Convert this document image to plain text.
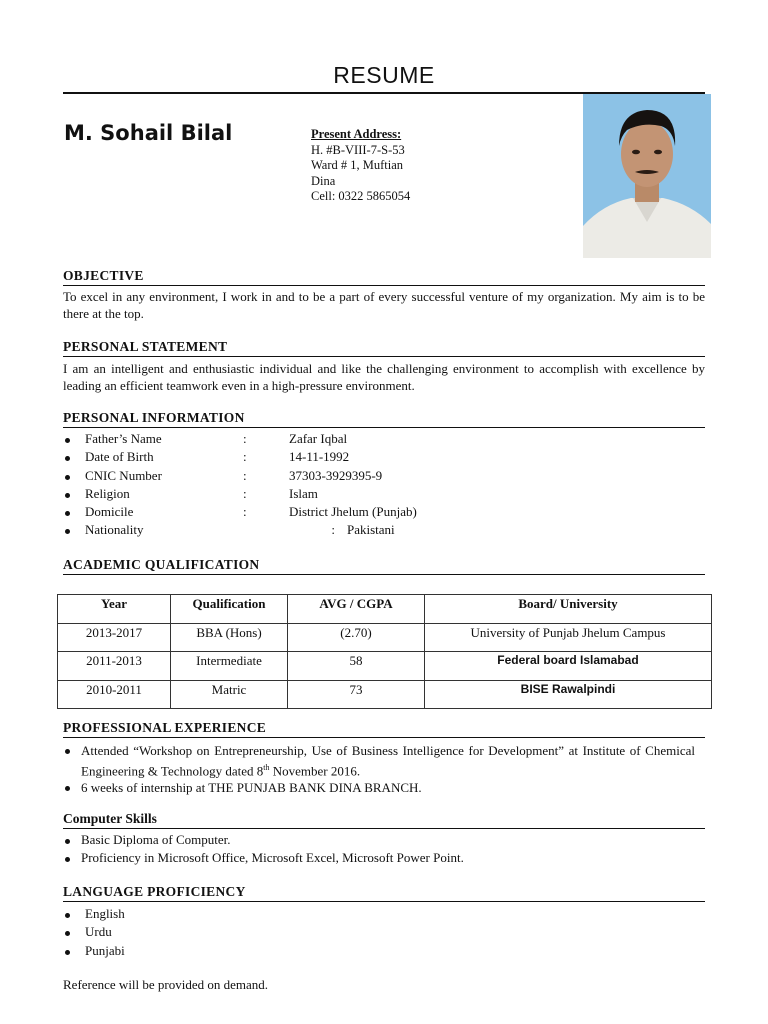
RESUME
M. Sohail Bilal	Present Address:
H. #B-VIII-7-S-53
Ward # 1, Muftian
Dina
Cell: 0322 5865054
OBJECTIVE
To excel in any environment, I work in and to be a part of every successful venture of my organization. My aim is to be there at the top.
PERSONAL STATEMENT
I am an intelligent and enthusiastic individual and like the challenging environment to accomplish with excellence by leading an efficient teamwork even in a high-pressure environment.
PERSONAL INFORMATION
Father’s Name	:	Zafar Iqbal
Date of Birth	:	14-11-1992
CNIC Number	:	37303-3929395-9
Religion	:	Islam
Domicile	:	District Jhelum (Punjab)
Nationality	: Pakistani
ACADEMIC QUALIFICATION
Year	Qualification	AVG / CGPA	Board/ University
2013-2017	BBA (Hons)	(2.70)	University of Punjab Jhelum Campus
2011-2013	Intermediate	58	Federal board Islamabad
2010-2011	Matric	73	BISE Rawalpindi
PROFESSIONAL EXPERIENCE
Attended “Workshop on Entrepreneurship, Use of Business Intelligence for Development” at Institute of Chemical Engineering & Technology dated 8th November 2016.
6 weeks of internship at THE PUNJAB BANK DINA BRANCH.
Computer Skills
Basic Diploma of Computer.
Proficiency in Microsoft Office, Microsoft Excel, Microsoft Power Point.
LANGUAGE PROFICIENCY
English
Urdu
Punjabi
Reference will be provided on demand.
